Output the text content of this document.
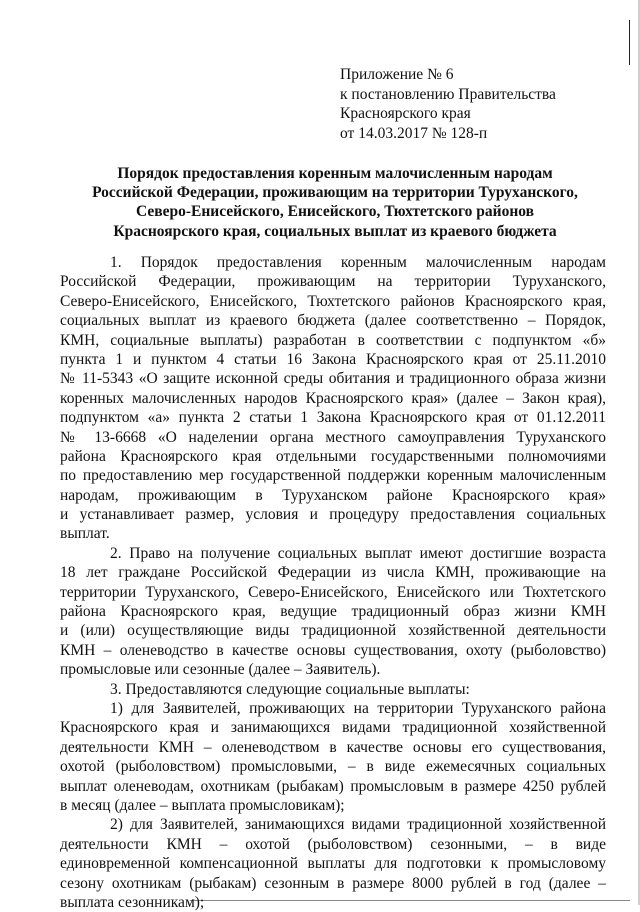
Приложение № 6
к постановлению Правительства
Красноярского края
от 14.03.2017 № 128-п
Порядок предоставления коренным малочисленным народам
Российской Федерации, проживающим на территории Туруханского,
Северо-Енисейского, Енисейского, Тюхтетского районов
Красноярского края, социальных выплат из краевого бюджета
1. Порядок предоставления коренным малочисленным народам
Российской Федерации, проживающим на территории Туруханского,
Северо-Енисейского, Енисейского, Тюхтетского районов Красноярского края,
социальных выплат из краевого бюджета (далее соответственно – Порядок,
КМН, социальные выплаты) разработан в соответствии с подпунктом «б»
пункта 1 и пунктом 4 статьи 16 Закона Красноярского края от 25.11.2010
№ 11-5343 «О защите исконной среды обитания и традиционного образа жизни
коренных малочисленных народов Красноярского края» (далее – Закон края),
подпунктом «а» пункта 2 статьи 1 Закона Красноярского края от 01.12.2011
№ 13-6668 «О наделении органа местного самоуправления Туруханского
района Красноярского края отдельными государственными полномочиями
по предоставлению мер государственной поддержки коренным малочисленным
народам, проживающим в Туруханском районе Красноярского края»
и устанавливает размер, условия и процедуру предоставления социальных
выплат.
2. Право на получение социальных выплат имеют достигшие возраста
18 лет граждане Российской Федерации из числа КМН, проживающие на
территории Туруханского, Северо-Енисейского, Енисейского или Тюхтетского
района Красноярского края, ведущие традиционный образ жизни КМН
и (или) осуществляющие виды традиционной хозяйственной деятельности
КМН – оленеводство в качестве основы существования, охоту (рыболовство)
промысловые или сезонные (далее – Заявитель).
3. Предоставляются следующие социальные выплаты:
1) для Заявителей, проживающих на территории Туруханского района
Красноярского края и занимающихся видами традиционной хозяйственной
деятельности КМН – оленеводством в качестве основы его существования,
охотой (рыболовством) промысловыми, – в виде ежемесячных социальных
выплат оленеводам, охотникам (рыбакам) промысловым в размере 4250 рублей
в месяц (далее – выплата промысловикам);
2) для Заявителей, занимающихся видами традиционной хозяйственной
деятельности КМН – охотой (рыболовством) сезонными, – в виде
единовременной компенсационной выплаты для подготовки к промысловому
сезону охотникам (рыбакам) сезонным в размере 8000 рублей в год (далее –
выплата сезонникам);
